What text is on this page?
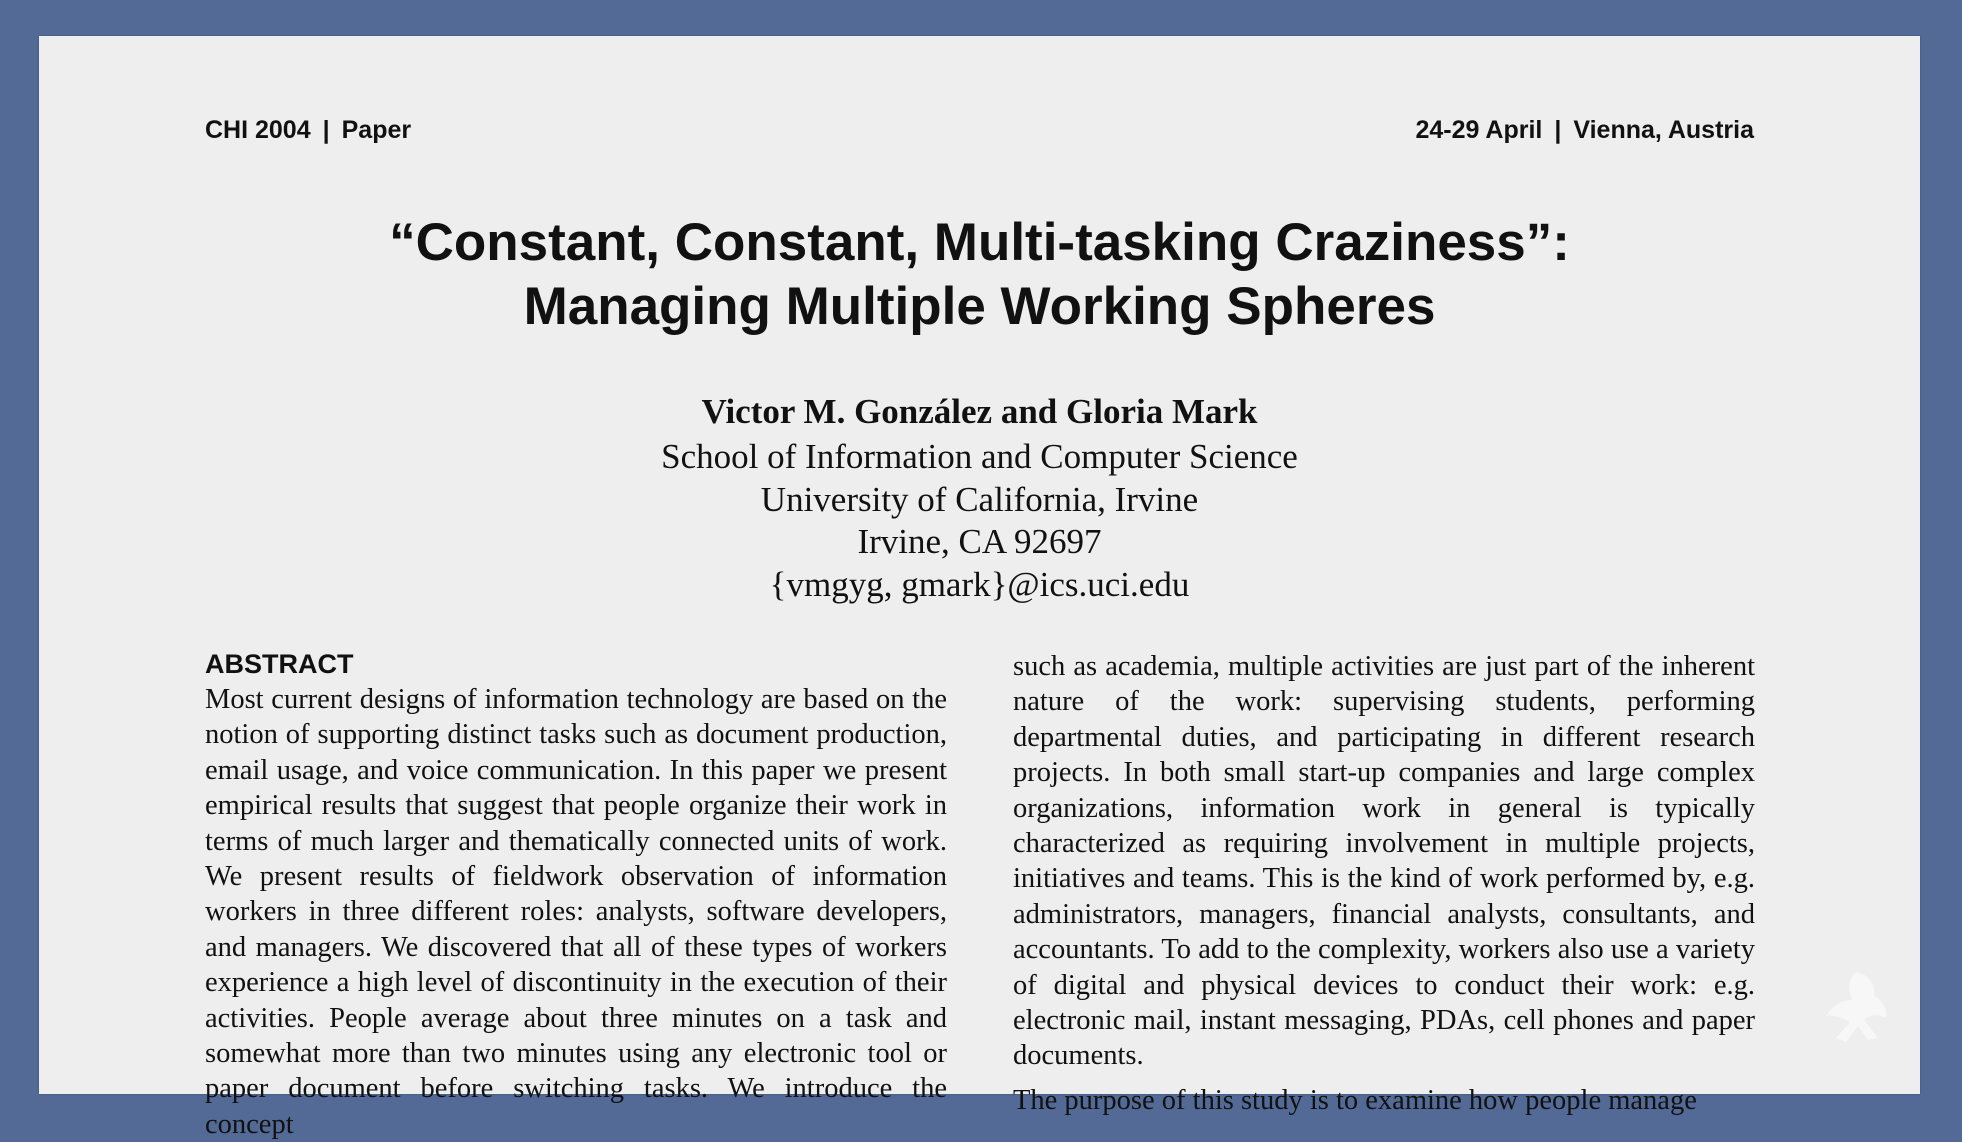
CHI 2004 | Paper	24-29 April | Vienna, Austria
“Constant, Constant, Multi-tasking Craziness”:
Managing Multiple Working Spheres
Victor M. González and Gloria Mark
School of Information and Computer Science
University of California, Irvine
Irvine, CA 92697
{vmgyg, gmark}@ics.uci.edu
ABSTRACT

Most current designs of information technology are based on the notion of supporting distinct tasks such as document production, email usage, and voice communication. In this paper we present empirical results that suggest that people organize their work in terms of much larger and thematically connected units of work. We present results of fieldwork observation of information workers in three different roles: analysts, software developers, and managers. We discovered that all of these types of workers experience a high level of discontinuity in the execution of their activities. People average about three minutes on a task and somewhat more than two minutes using any electronic tool or paper document before switching tasks. We introduce the concept

such as academia, multiple activities are just part of the inherent nature of the work: supervising students, performing departmental duties, and participating in different research projects. In both small start-up companies and large complex organizations, information work in general is typically characterized as requiring involvement in multiple projects, initiatives and teams. This is the kind of work performed by, e.g. administrators, managers, financial analysts, consultants, and accountants. To add to the complexity, workers also use a variety of digital and physical devices to conduct their work: e.g. electronic mail, instant messaging, PDAs, cell phones and paper documents.

The purpose of this study is to examine how people manage
